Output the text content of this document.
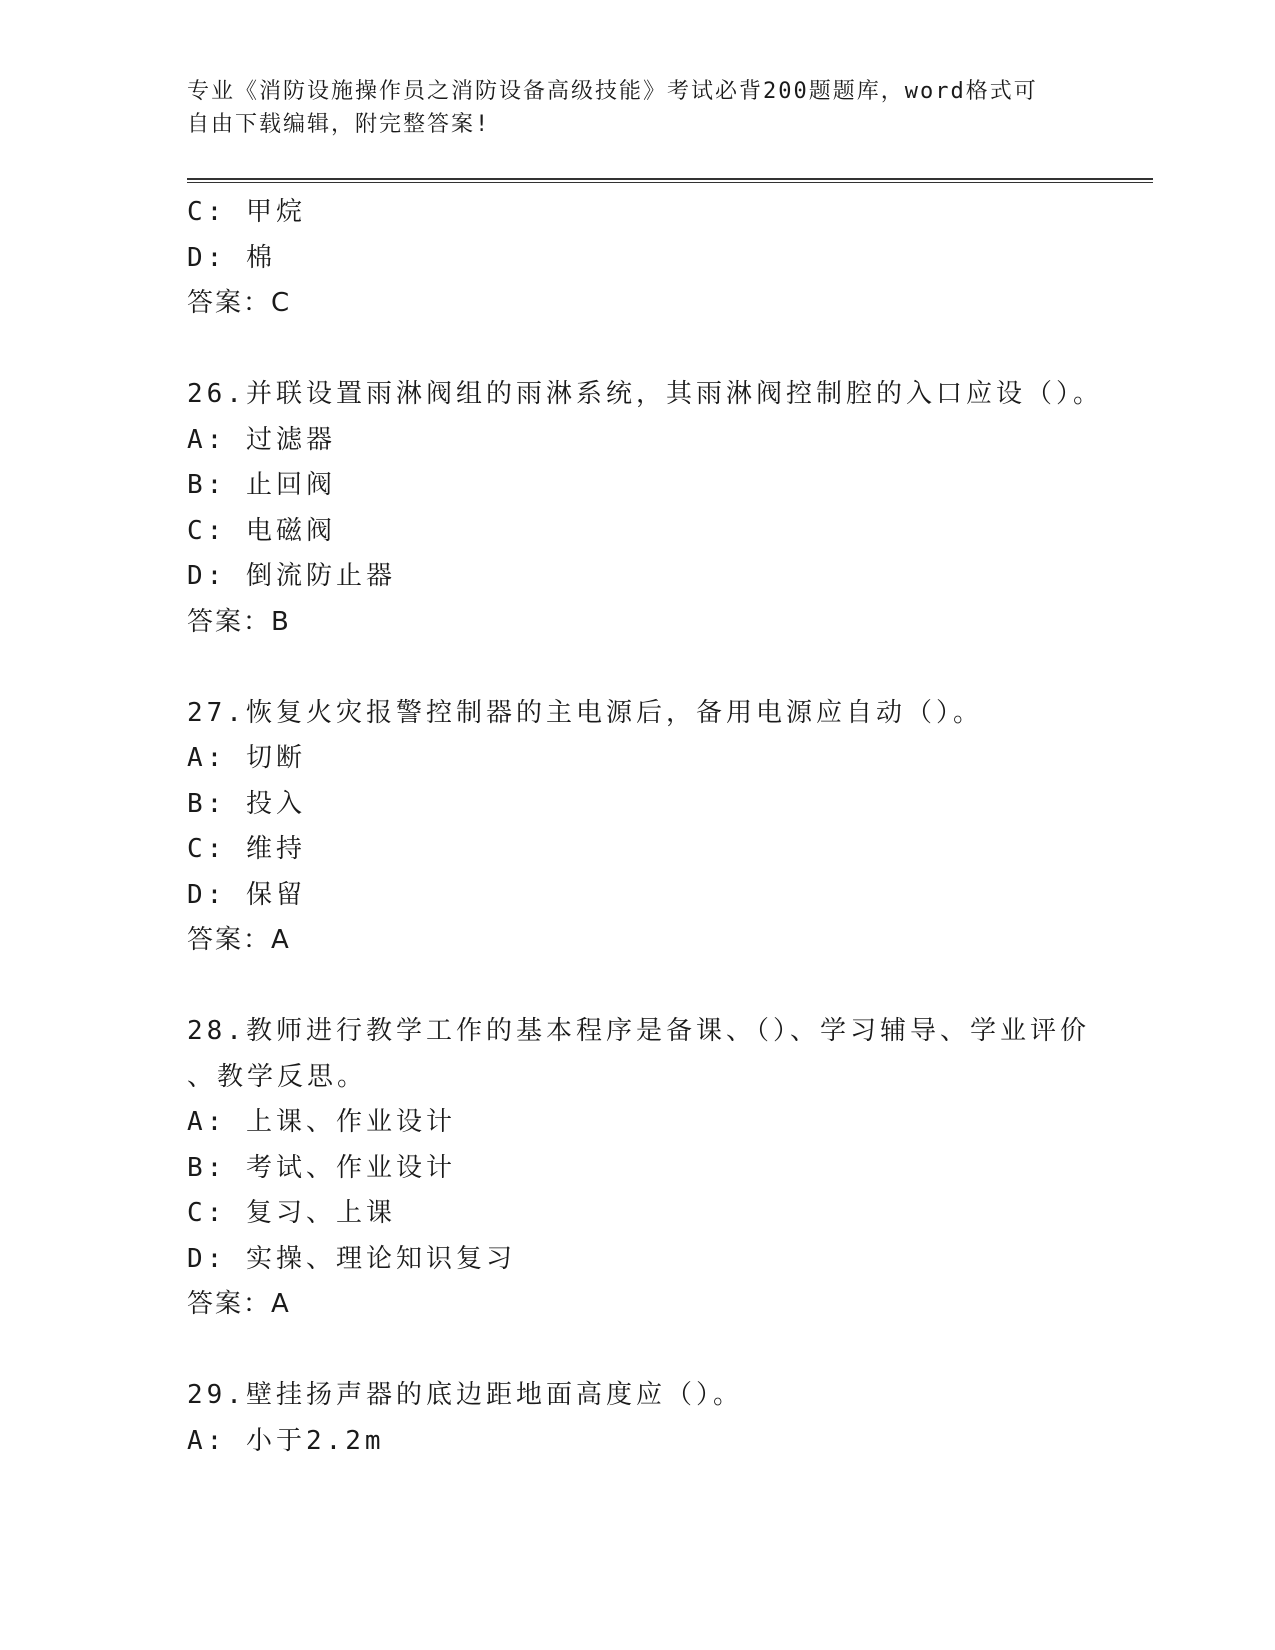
专业《消防设施操作员之消防设备高级技能》考试必背200题题库，word格式可
自由下载编辑，附完整答案!
C: 甲烷
D: 棉
答案：C
26.并联设置雨淋阀组的雨淋系统，其雨淋阀控制腔的入口应设（）。
A: 过滤器
B: 止回阀
C: 电磁阀
D: 倒流防止器
答案：B
27.恢复火灾报警控制器的主电源后，备用电源应自动（）。
A: 切断
B: 投入
C: 维持
D: 保留
答案：A
28.教师进行教学工作的基本程序是备课、（）、学习辅导、学业评价
、教学反思。
A: 上课、作业设计
B: 考试、作业设计
C: 复习、上课
D: 实操、理论知识复习
答案：A
29.壁挂扬声器的底边距地面高度应（）。
A: 小于2.2m
